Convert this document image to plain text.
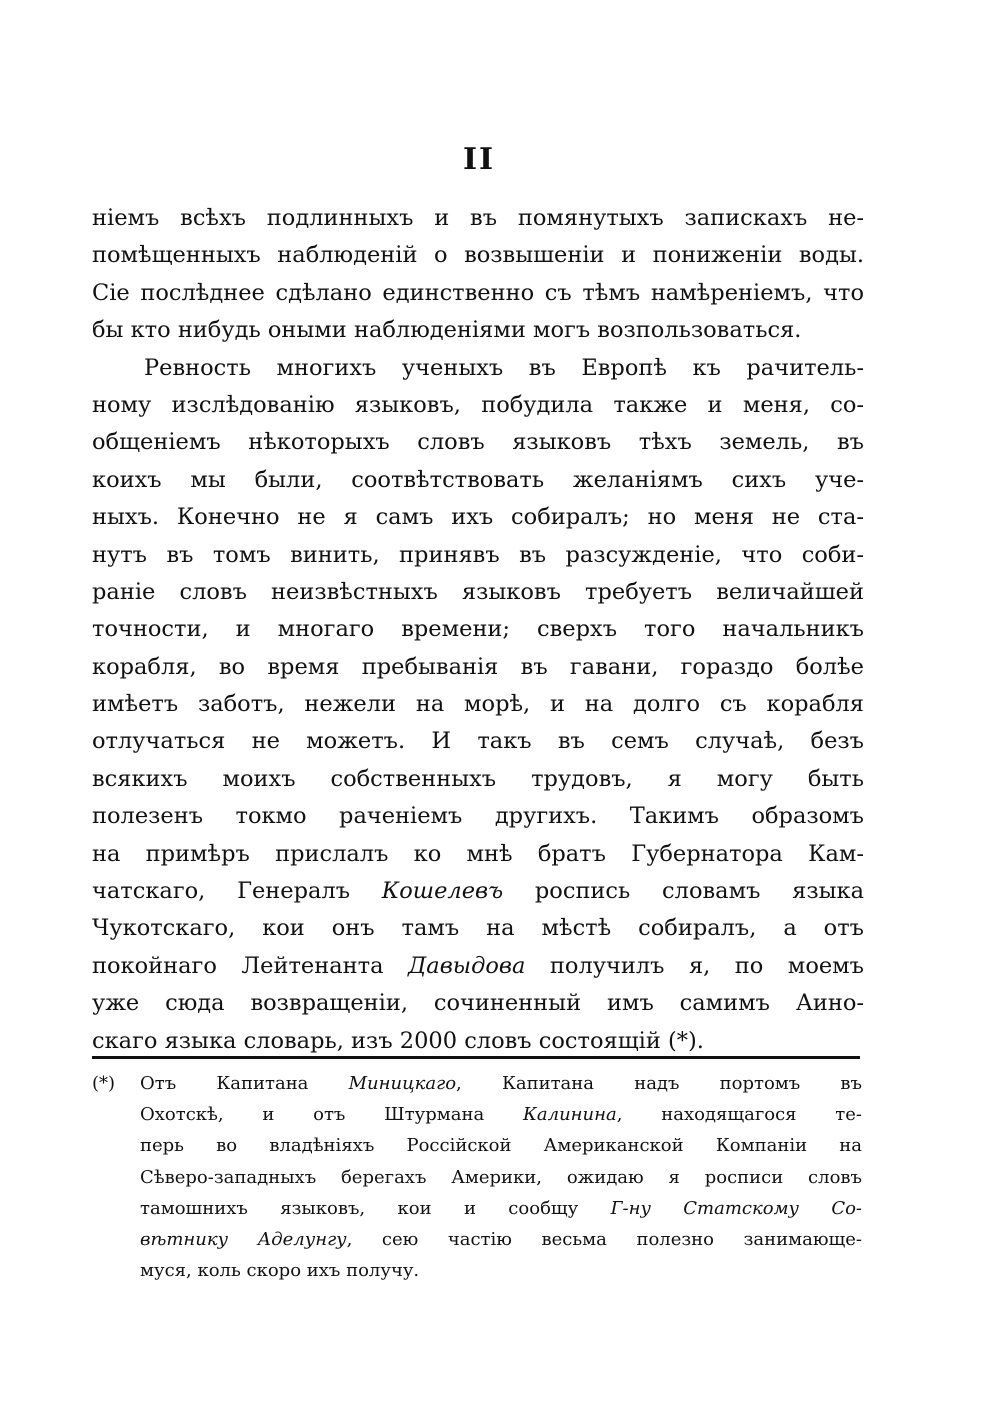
II
ніемъ всѣхъ подлинныхъ и въ помянутыхъ запискахъ не-
помѣщенныхъ наблюденій о возвышеніи и пониженіи воды.
Сіе послѣднее сдѣлано единственно съ тѣмъ намѣреніемъ, что
бы кто нибудь оными наблюденіями могъ возпользоваться.
Ревность многихъ ученыхъ въ Европѣ къ рачитель-
ному изслѣдованію языковъ, побудила также и меня, со-
общеніемъ нѣкоторыхъ словъ языковъ тѣхъ земель, въ
коихъ мы были, соотвѣтствовать желаніямъ сихъ уче-
ныхъ. Конечно не я самъ ихъ собиралъ; но меня не ста-
нутъ въ томъ винить, принявъ въ разсужденіе, что соби-
раніе словъ неизвѣстныхъ языковъ требуетъ величайшей
точности, и многаго времени; сверхъ того начальникъ
корабля, во время пребыванія въ гавани, гораздо болѣе
имѣетъ заботъ, нежели на морѣ, и на долго съ корабля
отлучаться не можетъ. И такъ въ семъ случаѣ, безъ
всякихъ моихъ собственныхъ трудовъ, я могу быть
полезенъ токмо раченіемъ другихъ. Такимъ образомъ
на примѣръ прислалъ ко мнѣ братъ Губернатора Кам-
чатскаго, Генералъ Кошелевъ роспись словамъ языка
Чукотскаго, кои онъ тамъ на мѣстѣ собиралъ, а отъ
покойнаго Лейтенанта Давыдова получилъ я, по моемъ
уже сюда возвращеніи, сочиненный имъ самимъ Аино-
скаго языка словарь, изъ 2000 словъ состоящій (*).
(*) Отъ Капитана Миницкаго, Капитана надъ портомъ въ
Охотскѣ, и отъ Штурмана Калинина, находящагося те-
перь во владѣніяхъ Россійской Американской Компаніи на
Сѣверо-западныхъ берегахъ Америки, ожидаю я росписи словъ
тамошнихъ языковъ, кои и сообщу Г-ну Статскому Со-
вѣтнику Аделунгу, сею частію весьма полезно занимающе-
муся, коль скоро ихъ получу.
